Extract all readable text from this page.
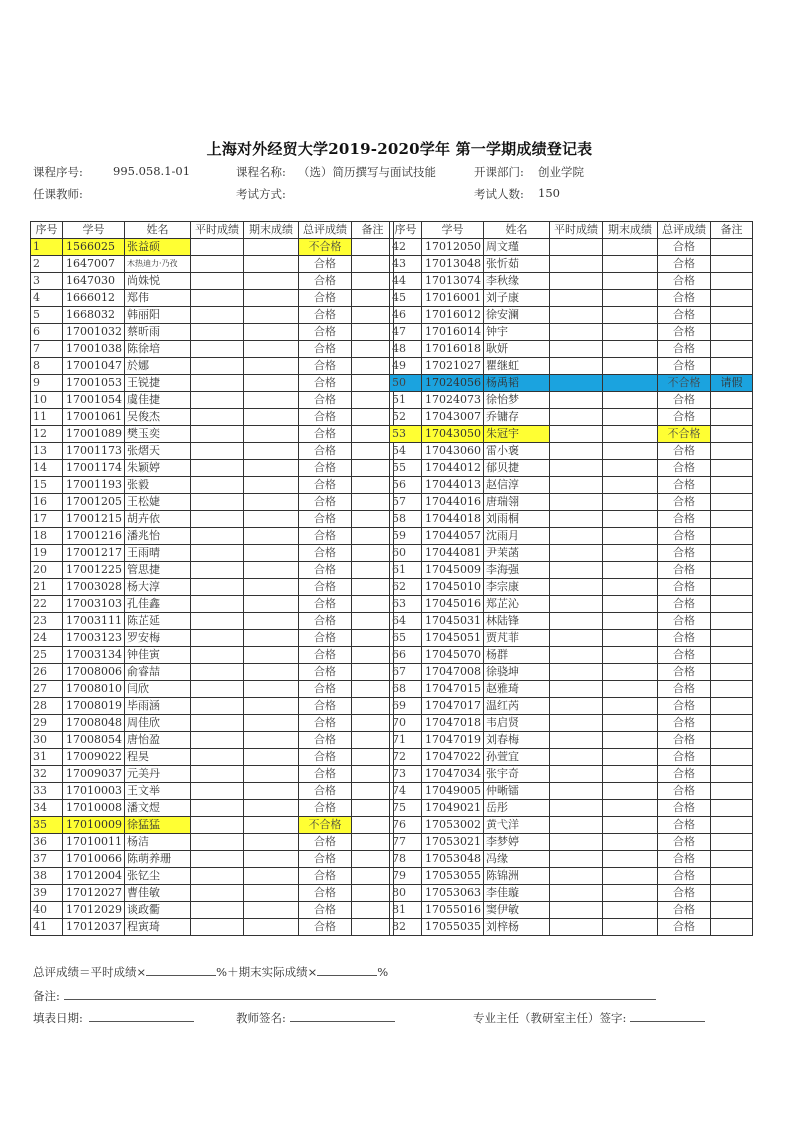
上海对外经贸大学2019-2020学年 第一学期成绩登记表
课程序号:	995.058.1-01	课程名称: （选）简历撰写与面试技能	开课部门: 创业学院
任课教师:	考试方式:	考试人数: 150
序号	学号	姓名	平时成绩	期末成绩	总评成绩	备注
1	1566025	张益硕			不合格	
2	1647007	木热迪力·乃孜			合格	
3	1647030	尚姝悦			合格	
4	1666012	郑伟			合格	
5	1668032	韩丽阳			合格	
6	17001032	蔡昕雨			合格	
7	17001038	陈徐培			合格	
8	17001047	於娜			合格	
9	17001053	王锐捷			合格	
10	17001054	虞佳捷			合格	
11	17001061	吴俊杰			合格	
12	17001089	樊玉奕			合格	
13	17001173	张熠天			合格	
14	17001174	朱颖婷			合格	
15	17001193	张毅			合格	
16	17001205	王松婕			合格	
17	17001215	胡卉依			合格	
18	17001216	潘兆怡			合格	
19	17001217	王雨晴			合格	
20	17001225	管思捷			合格	
21	17003028	杨大淳			合格	
22	17003103	孔佳鑫			合格	
23	17003111	陈芷延			合格	
24	17003123	罗安梅			合格	
25	17003134	钟佳寅			合格	
26	17008006	俞睿喆			合格	
27	17008010	闫欣			合格	
28	17008019	毕雨涵			合格	
29	17008048	周佳欣			合格	
30	17008054	唐怡盈			合格	
31	17009022	程昊			合格	
32	17009037	元美丹			合格	
33	17010003	王文举			合格	
34	17010008	潘文煜			合格	
35	17010009	徐猛猛			不合格	
36	17010011	杨洁			合格	
37	17010066	陈萌养珊			合格	
38	17012004	张钇尘			合格	
39	17012027	曹佳敏			合格	
40	17012029	谈政衢			合格	
41	17012037	程寅琦			合格	
序号	学号	姓名	平时成绩	期末成绩	总评成绩	备注
42	17012050	周文瑾			合格	
43	17013048	张忻茹			合格	
44	17013074	李秋缘			合格	
45	17016001	刘子康			合格	
46	17016012	徐安澜			合格	
47	17016014	钟宇			合格	
48	17016018	耿妍			合格	
49	17021027	瞿继虹			合格	
50	17024056	杨禹韬			不合格	请假
51	17024073	徐怡梦			合格	
52	17043007	乔镛存			合格	
53	17043050	朱冠宇			不合格	
54	17043060	雷小褒			合格	
55	17044012	郁贝捷			合格	
56	17044013	赵信淳			合格	
57	17044016	唐瑞翎			合格	
58	17044018	刘雨桐			合格	
59	17044057	沈雨月			合格	
60	17044081	尹茉菡			合格	
61	17045009	李海强			合格	
62	17045010	李宗康			合格	
63	17045016	郑芷沁			合格	
64	17045031	林陆锋			合格	
65	17045051	贾芃菲			合格	
66	17045070	杨群			合格	
67	17047008	徐骁坤			合格	
68	17047015	赵雅琦			合格	
69	17047017	温红芮			合格	
70	17047018	韦启贤			合格	
71	17047019	刘春梅			合格	
72	17047022	孙萱宜			合格	
73	17047034	张宇奇			合格	
74	17049005	仲晰镭			合格	
75	17049021	岳彤			合格	
76	17053002	黄弋洋			合格	
77	17053021	李梦婷			合格	
78	17053048	冯缘			合格	
79	17053055	陈锦洲			合格	
80	17053063	李佳璇			合格	
81	17055016	窦伊敏			合格	
82	17055035	刘梓杨			合格	
总评成绩＝平时成绩×	%＋期末实际成绩×	%
备注:
填表日期:	教师签名:	专业主任（教研室主任）签字:
